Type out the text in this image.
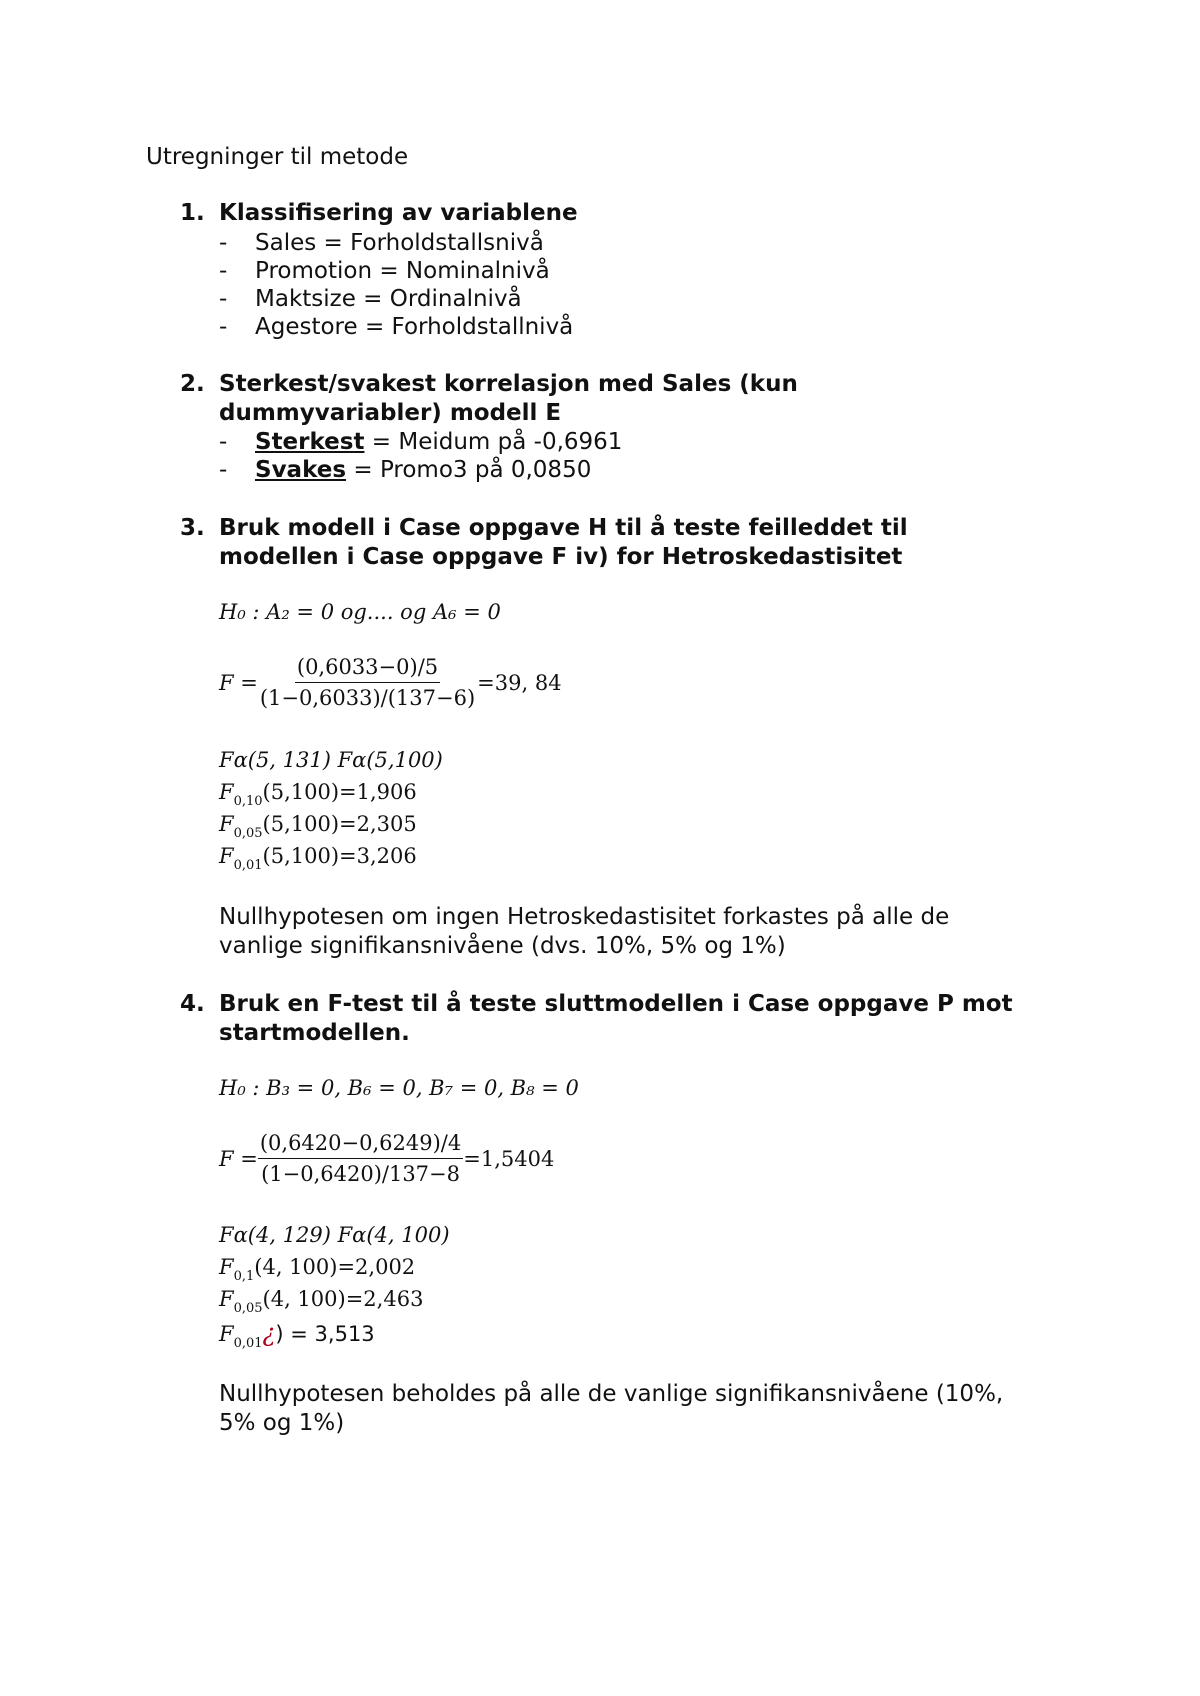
Utregninger til metode
1. Klassifisering av variablene
- Sales = Forholdstallsnivå
- Promotion = Nominalnivå
- Maktsize = Ordinalnivå
- Agestore = Forholdstallnivå
2. Sterkest/svakest korrelasjon med Sales (kun
dummyvariabler) modell E
- Sterkest = Meidum på -0,6961
- Svakes = Promo3 på 0,0850
3. Bruk modell i Case oppgave H til å teste feilleddet til
modellen i Case oppgave F iv) for Hetroskedastisitet
H₀ : A₂ = 0 og.... og A₆ = 0
$F = \frac{(0,6033-0)/5}{(1-0,6033)/(137-6)} =39$, 84
Fα(5, 131) Fα(5,100)
$F_{0,10}(5,100)=1,906$
$F_{0,05}(5,100)=2,305$
$F_{0,01}(5,100)=3,206$
Nullhypotesen om ingen Hetroskedastisitet forkastes på alle de
vanlige signifikansnivåene (dvs. 10%, 5% og 1%)
4. Bruk en F-test til å teste sluttmodellen i Case oppgave P mot
startmodellen.
H₀ : B₃ = 0, B₆ = 0, B₇ = 0, B₈ = 0
$F = \frac{(0,6420-0,6249)/4}{(1-0,6420)/137-8} =1,5404$
Fα(4, 129) Fα(4, 100)
$F_{0,1}(4$, 100)=2,002
$F_{0,05}(4$, 100)=2,463
$F_{0,01}¿) = 3,513$
Nullhypotesen beholdes på alle de vanlige signifikansnivåene (10%,
5% og 1%)
